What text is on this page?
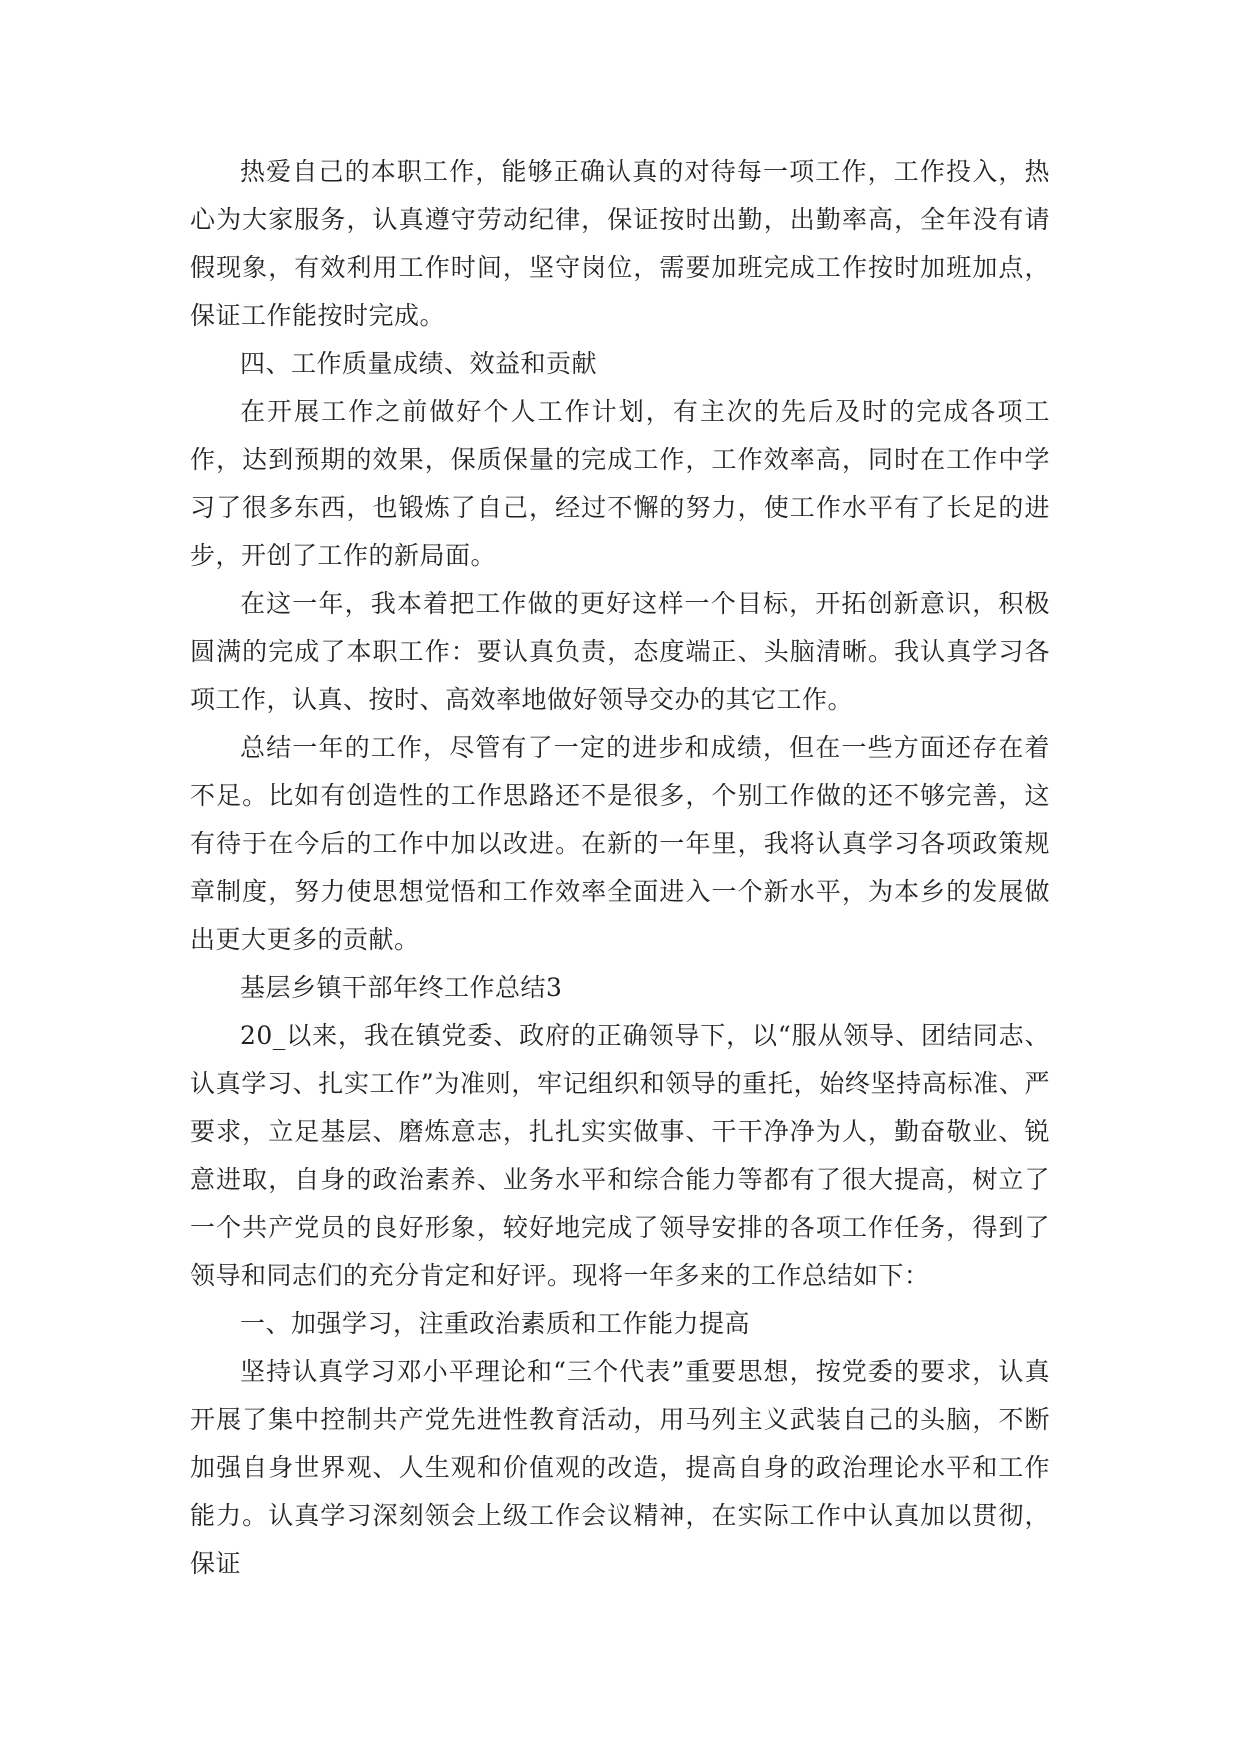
热爱自己的本职工作，能够正确认真的对待每一项工作，工作投入，热心为大家服务，认真遵守劳动纪律，保证按时出勤，出勤率高，全年没有请假现象，有效利用工作时间，坚守岗位，需要加班完成工作按时加班加点，保证工作能按时完成。

四、工作质量成绩、效益和贡献

在开展工作之前做好个人工作计划，有主次的先后及时的完成各项工作，达到预期的效果，保质保量的完成工作，工作效率高，同时在工作中学习了很多东西，也锻炼了自己，经过不懈的努力，使工作水平有了长足的进步，开创了工作的新局面。

在这一年，我本着把工作做的更好这样一个目标，开拓创新意识，积极圆满的完成了本职工作：要认真负责，态度端正、头脑清晰。我认真学习各项工作，认真、按时、高效率地做好领导交办的其它工作。

总结一年的工作，尽管有了一定的进步和成绩，但在一些方面还存在着不足。比如有创造性的工作思路还不是很多，个别工作做的还不够完善，这有待于在今后的工作中加以改进。在新的一年里，我将认真学习各项政策规章制度，努力使思想觉悟和工作效率全面进入一个新水平，为本乡的发展做出更大更多的贡献。

基层乡镇干部年终工作总结3

20_以来，我在镇党委、政府的正确领导下，以“服从领导、团结同志、认真学习、扎实工作”为准则，牢记组织和领导的重托，始终坚持高标准、严要求，立足基层、磨炼意志，扎扎实实做事、干干净净为人，勤奋敬业、锐意进取，自身的政治素养、业务水平和综合能力等都有了很大提高，树立了一个共产党员的良好形象，较好地完成了领导安排的各项工作任务，得到了领导和同志们的充分肯定和好评。现将一年多来的工作总结如下：

一、加强学习，注重政治素质和工作能力提高

坚持认真学习邓小平理论和“三个代表”重要思想，按党委的要求，认真开展了集中控制共产党先进性教育活动，用马列主义武装自己的头脑，不断加强自身世界观、人生观和价值观的改造，提高自身的政治理论水平和工作能力。认真学习深刻领会上级工作会议精神，在实际工作中认真加以贯彻，保证
